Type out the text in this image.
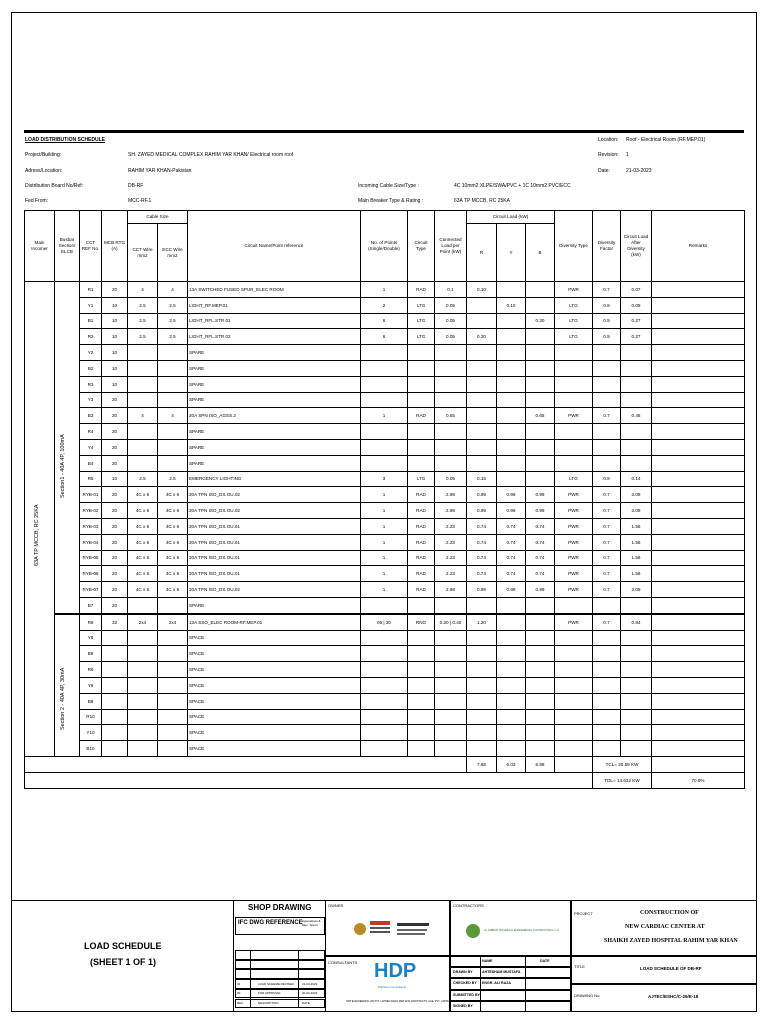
LOAD DISTRIBUTION SCHEDULE
Project/Building:	SH. ZAYED MEDICAL COMPLEX RAHIM YAR KHAN/ Electrical room roof
Adress/Location:	RAHIM YAR KHAN-Pakistan
Distribution Board No/Ref:	DB-RF
Fed From:	MCC-RF.1
Incoming Cable Size/Type :	4C 10mm2 XLPE/SWA/PVC + 1C 10mm2 PVC/ECC
Main Breaker Type & Rating :	63A TP MCCB, RC 25KA
Location: Roof - Electrical Room (RF.MEP.01)
Revision: 1
Date:	21-03-2023
Main Incomer	Busbar Section/ ELCB	CCT REF No.	MCB RTG (A)	Cable Size		Circuit Name/Point reference	No. of Points (Single/Double)	Circuit Type	Connected Load per Point (kW)	Circuit Load (kW)			Diversity Type	Diversity Factor	Circuit Load After Diversity (kW)	Remarks
				CCT Wire mm2	ECC Wire mm2					R	Y	B				
		R1	20	4	4	13A SWITCHED FUSED SPUR_ELEC ROOM	1	RAD	0.1	0.10			PWR	0.7	0.07	
		Y1	10	2.5	2.5	LIGHT_RF.MEP.01	2	LTG	0.05		0.10		LTG	0.9	0.09	
		B1	10	2.5	2.5	LIGHT_RFL.STR.01	6	LTG	0.05			0.30	LTG	0.9	0.27	
		R2	10	2.5	2.5	LIGHT_RFL.STR.02	6	LTG	0.05	0.30			LTG	0.9	0.27	
		Y2	10			SPARE										
		B2	10			SPARE										
		R3	10			SPARE										
		Y3	20			SPARE										
		B3	20	4	4	20A SPN ISO_AGSS.2	1	RAD	0.65			0.65	PWR	0.7	0.46	
		R4	20			SPARE										
		Y4	20			SPARE										
		B4	20			SPARE										
		R5	10	2.5	2.5	EMERGENCY LIGHTING	3	LTG	0.05	0.15			LTG	0.9	0.14	
		RYB-01	20	4C x 6	4C x 6	20A TPN ISO_DX.OU.02	1	RAD	2.98	0.99	0.99	0.99	PWR	0.7	2.09	
		RYB-02	20	4C x 6	4C x 6	20A TPN ISO_DX.OU.02	1	RAD	2.98	0.99	0.99	0.99	PWR	0.7	2.09	
		RYB-03	20	4C x 6	4C x 6	20A TPN ISO_DX.OU.01	1	RAD	2.23	0.74	0.74	0.74	PWR	0.7	1.56	
		RYB-04	20	4C x 6	4C x 6	20A TPN ISO_DX.OU.01	1	RAD	2.23	0.74	0.74	0.74	PWR	0.7	1.56	
		RYB-05	20	4C x 6	4C x 6	20A TPN ISO_DX.OU.01	1	RAD	2.23	0.74	0.74	0.74	PWR	0.7	1.56	
		RYB-06	20	4C x 6	4C x 6	20A TPN ISO_DX.OU.01	1	RAD	2.23	0.74	0.74	0.74	PWR	0.7	1.56	
		RYB-07	20	4C x 6	4C x 6	20A TPN ISO_DX.OU.02	1	RAD	2.98	0.99	0.99	0.99	PWR	0.7	2.09	
		B7	20			SPARE										
		R8	32	2x4	2x4	13A SSO_ELEC ROOM-RF.MEP.01	05 | 30	RNG	0.20 | 0.40	1.20			PWR	0.7	0.84	
		Y8				SPACE										
		B8				SPACE										
		R9				SPACE										
		Y9				SPACE										
		B9				SPACE										
		R10				SPACE										
		Y10				SPACE										
		B10				SPACE										
										7.68	6.03	6.88		TCL= 20.59 KW		
														TDL= 14.632 KW		70.9%
63A TP MCCB, RC 25KA
Section1 - 40A 4P, 100mA
Section 2 - 40A 4P, 30mA
LOAD SCHEDULE
(SHEET 1 OF 1)
SHOP DRAWING
IFC DWG REFERENCE Appendixes & Elec. Specs
01	LOAD SCHEME REVISED	21-03-2023
00	FOR APPROVAL	20-02-2023
REV.	DESCRIPTION	DATE
OWNER
CONSULTANTS HDP
Pakistan Consultants
HDP ENGINEERING (M) PVT. LIMITED FIELD MEP ENG ARCHITECTS, UAE, PVT. LIMITED
CONTRACTORS
AL JABBAR TECHNICAL ENGINEERING CONTRACTING L.L.C
NAME	DATE
DRAWN BY	AHTESHAM MUSTAFA
CHECKED BY ENGR. ALI RAZA
SUBMITTED BY
SIGNED BY
PROJECT	CONSTRUCTION OF
NEW CARDIAC CENTER AT
SHAIKH ZAYED HOSPITAL RAHIM YAR KHAN
TITLE	LOAD SCHEDULE OF DB-RF
DRAWING No.	AJTEC/ESHC/C-25/E-18
